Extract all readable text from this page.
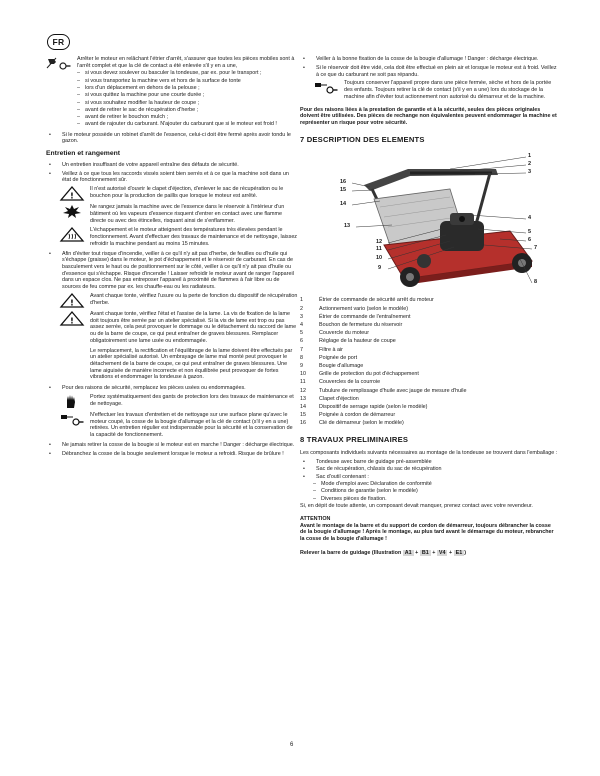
FR

Arrêter le moteur en relâchant l'étrier d'arrêt, s'assurer que toutes les pièces mobiles sont à l'arrêt complet et que la clé de contact a été enlevée s'il y en a une,

– si vous devez soulever ou basculer la tondeuse, par ex. pour le transport ;
– si vous transportez la machine vers et hors de la surface de tonte
– lors d'un déplacement en dehors de la pelouse ;
– si vous quittez la machine pour une courte durée ;
– si vous souhaitez modifier la hauteur de coupe ;
– avant de retirer le sac de récupération d'herbe ;
– avant de retirer le bouchon mulch ;
– avant de rajouter du carburant. N'ajouter du carburant que si le moteur est froid !
•	Si le moteur possède un robinet d'arrêt de l'essence, celui-ci doit être fermé après avoir tondu le gazon.
Entretien et rangement
•	Un entretien insuffisant de votre appareil entraîne des défauts de sécurité.
•	Veillez à ce que tous les raccords vissés soient bien serrés et à ce que la machine soit dans un état de fonctionnement sûr.
!

Il n'est autorisé d'ouvrir le clapet d'éjection, d'enlever le sac de récupération ou le bouchon pour la production de paillis que lorsque le moteur est arrêté.

Ne rangez jamais la machine avec de l'essence dans le réservoir à l'intérieur d'un bâtiment où les vapeurs d'essence risquent d'entrer en contact avec une flamme directe ou avec des étincelles, risquant ainsi de s'enflammer.

L'échappement et le moteur atteignent des températures très élevées pendant le fonctionnement. Avant d'effectuer des travaux de maintenance et de nettoyage, laissez refroidir la machine pendant au moins 15 minutes.

•	Afin d'éviter tout risque d'incendie, veiller à ce qu'il n'y ait pas d'herbe, de feuilles ou d'huile qui s'échappe (graisse) dans le moteur, le pot d'échappement et le réservoir de carburant. En cas de basculement vers le haut ou de positionnement sur le côté, veiller à ce qu'il n'y ait pas d'huile ou d'essence qui s'échappe. Risque d'incendie ! Laisser refroidir le moteur avant de ranger l'appareil dans un espace clos. Ne pas entreposer l'appareil à proximité de flammes à l'air libre ou de sources de feu comme par ex. les chauffe-eau ou les radiateurs.
!

Avant chaque tonte, vérifiez l'usure ou la perte de fonction du dispositif de récupération d'herbe.

!

Avant chaque tonte, vérifiez l'état et l'assise de la lame. La vis de fixation de la lame doit toujours être serrée par un atelier spécialisé. Si la vis de lame est trop ou pas assez serrée, cela peut provoquer le dommage ou le détachement du raccord de lame ou de la barre de coupe, ce qui peut entraîner de graves blessures. Remplacer obligatoirement une lame usée ou endommagée.

Le remplacement, la rectification et l'équilibrage de la lame doivent être effectués par un atelier spécialisé autorisé. Un embrayage de lame mal monté peut provoquer le détachement de la barre de coupe, ce qui peut entraîner de graves blessures. Une lame aiguisée de manière incorrecte et non équilibrée peut provoquer de fortes vibrations et endommager la tondeuse à gazon.

•	Pour des raisons de sécurité, remplacez les pièces usées ou endommagées.

Portez systématiquement des gants de protection lors des travaux de maintenance et de nettoyage.

N'effectuer les travaux d'entretien et de nettoyage sur une surface plane qu'avec le moteur coupé, la cosse de la bougie d'allumage et la clé de contact (s'il y en a une) retirées. Un entretien régulier est indispensable pour la sécurité et la conservation de la capacité de fonctionnement.

•	Ne jamais retirer la cosse de la bougie si le moteur est en marche ! Danger : décharge électrique.
•	Débranchez la cosse de la bougie seulement lorsque le moteur a refroidi. Risque de brûlure !
•	Veiller à la bonne fixation de la cosse de la bougie d'allumage ! Danger : décharge électrique.
•	Si le réservoir doit être vidé, cela doit être effectué en plein air et lorsque le moteur est à froid. Veillez à ce que du carburant ne soit pas répandu.

Toujours conserver l'appareil propre dans une pièce fermée, sèche et hors de la portée des enfants. Toujours retirer la clé de contact (s'il y en a une) lors du stockage de la machine afin d'éviter tout actionnement non autorisé du démarreur et de la machine.

Pour des raisons liées à la prestation de garantie et à la sécurité, seules des pièces originales doivent être utilisées. Des pièces de rechange non équivalentes peuvent endommager la machine et représenter un risque pour votre sécurité.

7 DESCRIPTION DES ELEMENTS
1
2
3
4
5
6
7
8
9
10
11
12
13
14
15
16
1	Étrier de commande de sécurité arrêt du moteur
2	Actionnement vario (selon le modèle)
3	Étrier de commande de l'entraînement
4	Bouchon de fermeture du réservoir
5	Couvercle du moteur
6	Réglage de la hauteur de coupe
7	Filtre à air
8	Poignée de port
9	Bougie d'allumage
10	Grille de protection du pot d'échappement
11	Couvercles de la courroie
12	Tubulure de remplissage d'huile avec jauge de mesure d'huile
13	Clapet d'éjection
14	Dispositif de serrage rapide (selon le modèle)
15	Poignée à cordon de démarreur
16	Clé de démarreur (selon le modèle)
8 TRAVAUX PRELIMINAIRES

Les composants individuels suivants nécessaires au montage de la tondeuse se trouvent dans l'emballage :

•	Tondeuse avec barre de guidage pré-assemblée
•	Sac de récupération, châssis du sac de récupération
•	Sac d'outil contenant :
– Mode d'emploi avec Déclaration de conformité
– Conditions de garantie (selon le modèle)
– Diverses pièces de fixation.

Si, en dépit de toute attente, un composant devait manquer, prenez contact avec votre revendeur.

ATTENTION

Avant le montage de la barre et du support de cordon de démarreur, toujours débrancher la cosse de la bougie d'allumage ! Après le montage, au plus tard avant le démarrage du moteur, rebrancher la cosse de la bougie d'allumage !

Relever la barre de guidage (Illustration A1 + B1 + V4 + E1 )

6
